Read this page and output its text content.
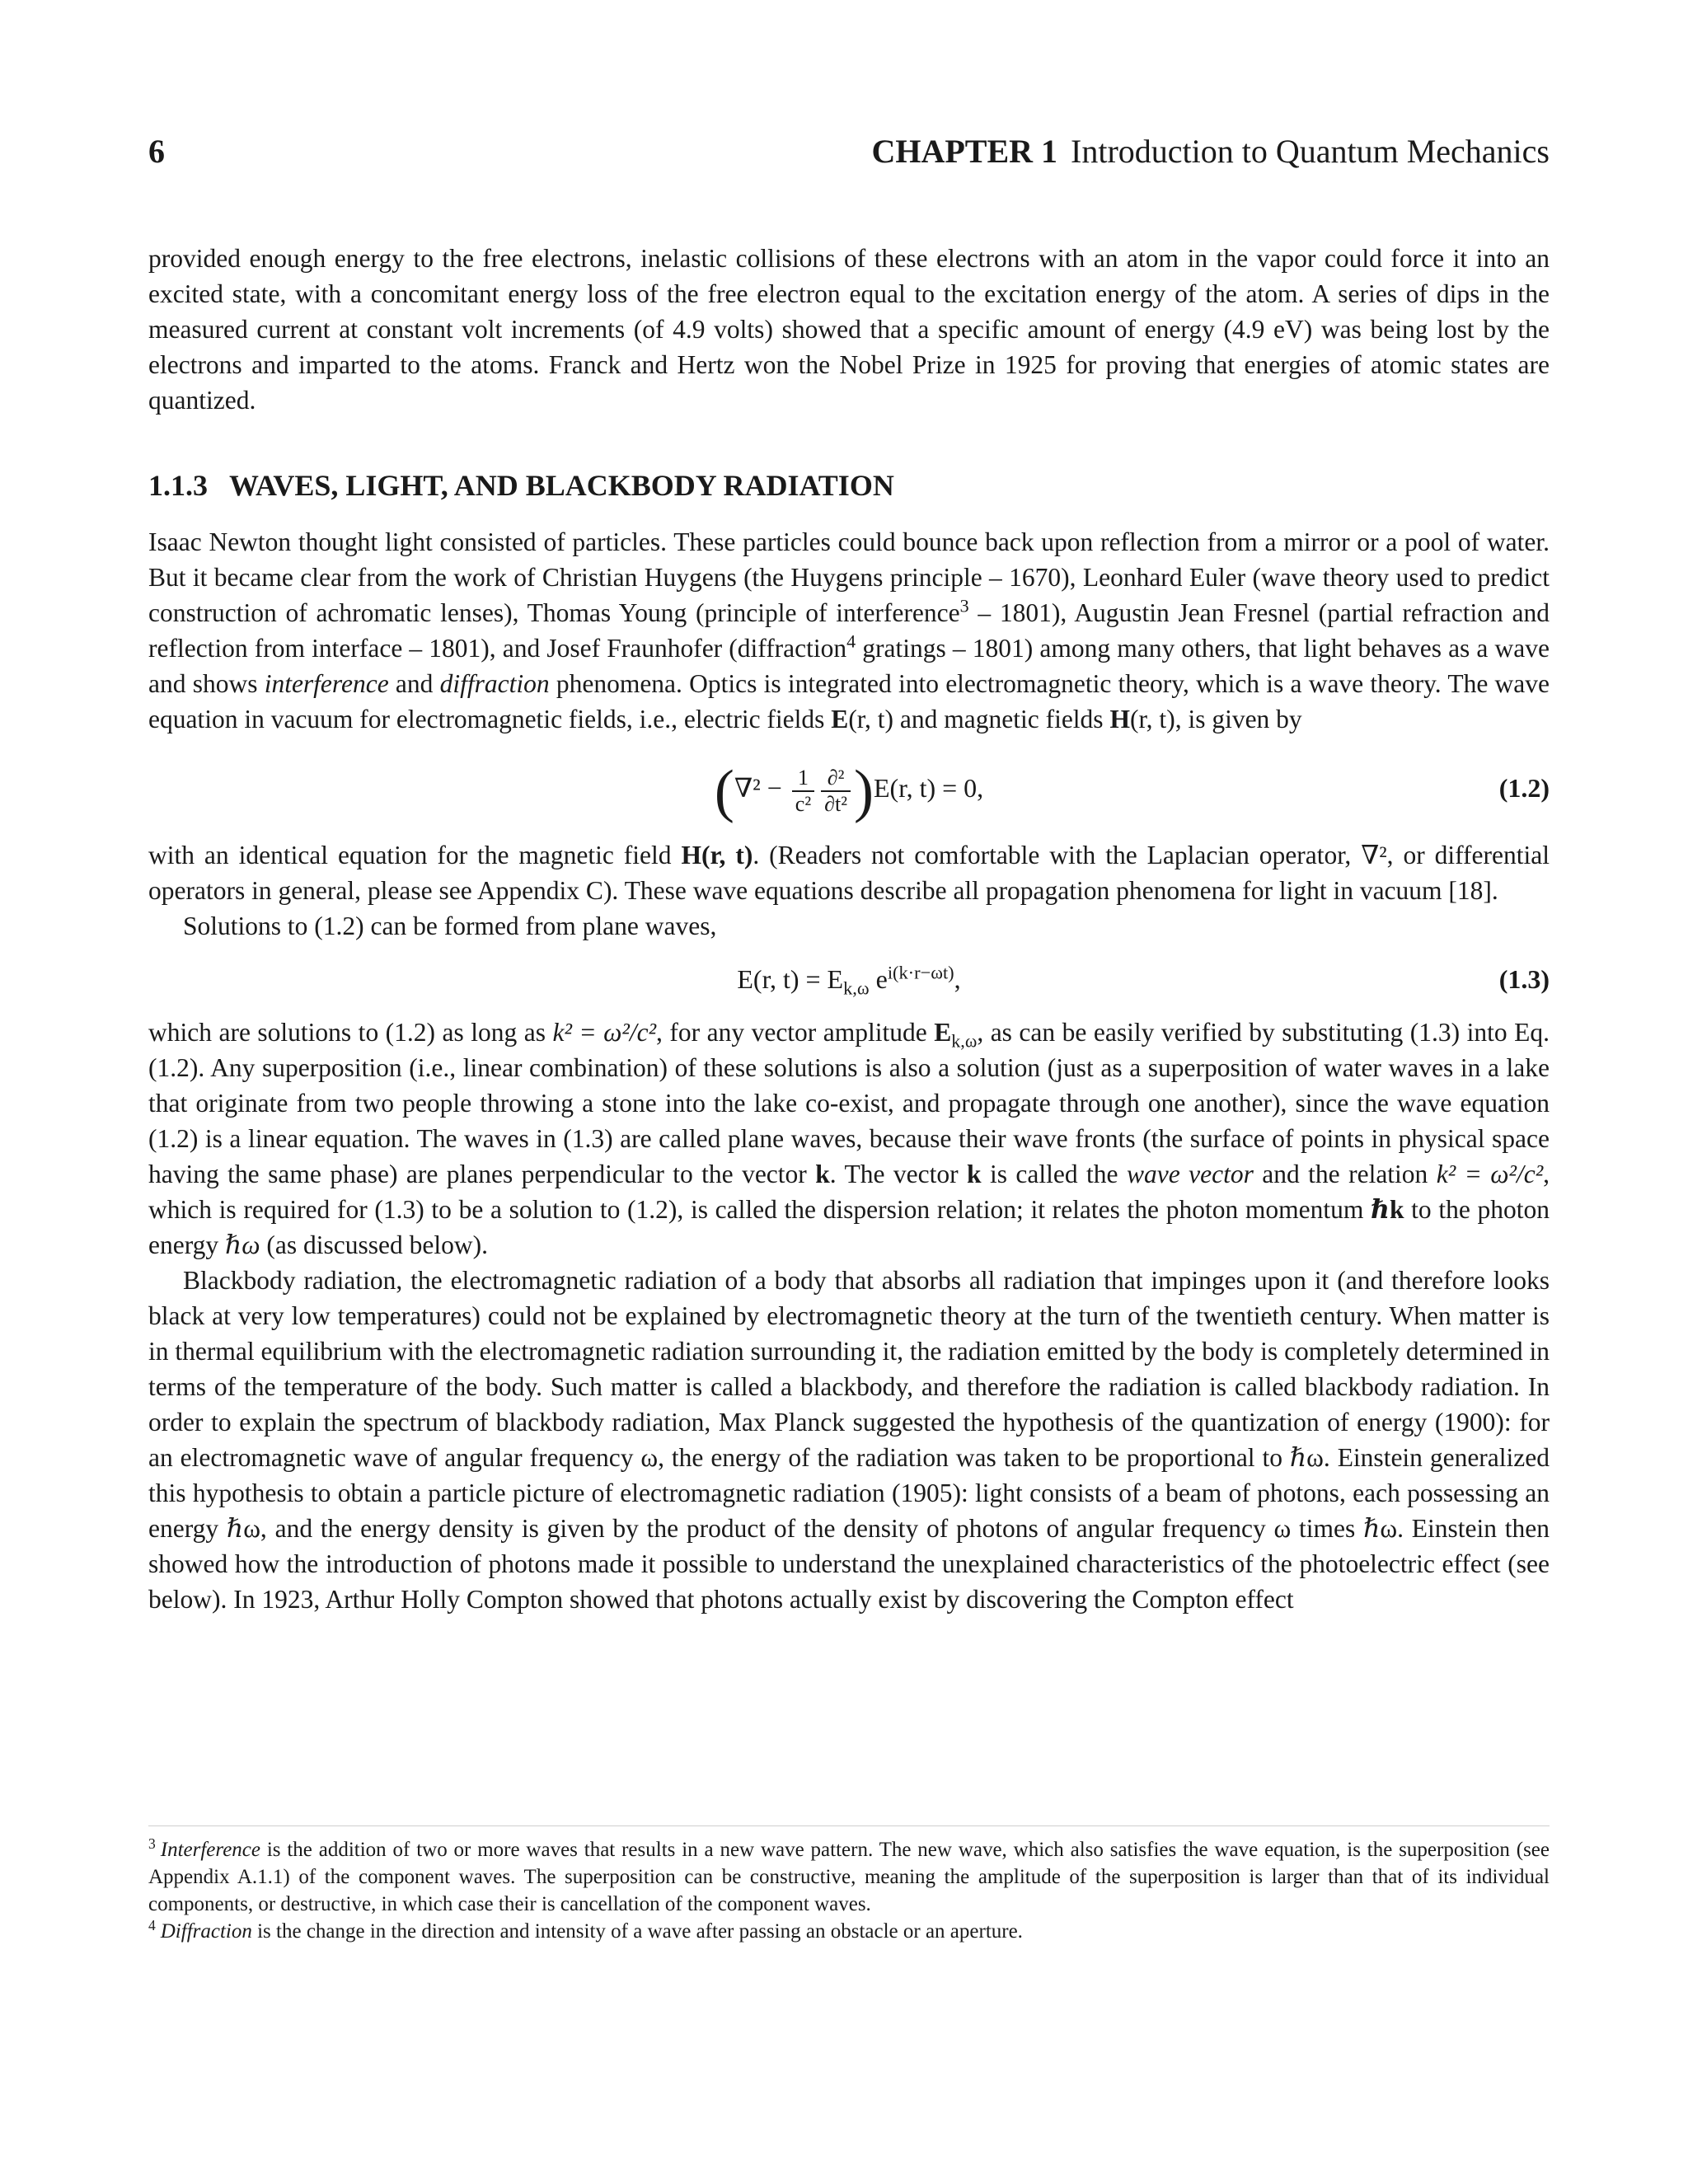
6	CHAPTER 1 Introduction to Quantum Mechanics

provided enough energy to the free electrons, inelastic collisions of these electrons with an atom in the vapor could force it into an excited state, with a concomitant energy loss of the free electron equal to the excitation energy of the atom. A series of dips in the measured current at constant volt increments (of 4.9 volts) showed that a specific amount of energy (4.9 eV) was being lost by the electrons and imparted to the atoms. Franck and Hertz won the Nobel Prize in 1925 for proving that energies of atomic states are quantized.

1.1.3 WAVES, LIGHT, AND BLACKBODY RADIATION

Isaac Newton thought light consisted of particles. These particles could bounce back upon reflection from a mirror or a pool of water. But it became clear from the work of Christian Huygens (the Huygens principle – 1670), Leonhard Euler (wave theory used to predict construction of achromatic lenses), Thomas Young (principle of interference$^3$ – 1801), Augustin Jean Fresnel (partial refraction and reflection from interface – 1801), and Josef Fraunhofer (diffraction$^4$ gratings – 1801) among many others, that light behaves as a wave and shows interference and diffraction phenomena. Optics is integrated into electromagnetic theory, which is a wave theory. The wave equation in vacuum for electromagnetic fields, i.e., electric fields E(r, t) and magnetic fields H(r, t), is given by

$(\nabla^2 - \frac{1}{\text{c²}} \frac{\text{∂²}}{\text{∂t²}} )E(r$, t) = 0,	(1.2)

with an identical equation for the magnetic field H(r, t). (Readers not comfortable with the Laplacian operator, ∇², or differential operators in general, please see Appendix C). These wave equations describe all propagation phenomena for light in vacuum [18].

Solutions to (1.2) can be formed from plane waves,

E(r, $t) = E_{k,\omega}$ $e^{i(k\cdot r-\omega t)}$,	(1.3)

which are solutions to (1.2) as long as k² = ω²/c², for any vector amplitude $E_{k,\omega}$, as can be easily verified by substituting (1.3) into Eq. (1.2). Any superposition (i.e., linear combination) of these solutions is also a solution (just as a superposition of water waves in a lake that originate from two people throwing a stone into the lake co-exist, and propagate through one another), since the wave equation (1.2) is a linear equation. The waves in (1.3) are called plane waves, because their wave fronts (the surface of points in physical space having the same phase) are planes perpendicular to the vector k. The vector k is called the wave vector and the relation k² = ω²/c², which is required for (1.3) to be a solution to (1.2), is called the dispersion relation; it relates the photon momentum ℏk to the photon energy ℏω (as discussed below).

Blackbody radiation, the electromagnetic radiation of a body that absorbs all radiation that impinges upon it (and therefore looks black at very low temperatures) could not be explained by electromagnetic theory at the turn of the twentieth century. When matter is in thermal equilibrium with the electromagnetic radiation surrounding it, the radiation emitted by the body is completely determined in terms of the temperature of the body. Such matter is called a blackbody, and therefore the radiation is called blackbody radiation. In order to explain the spectrum of blackbody radiation, Max Planck suggested the hypothesis of the quantization of energy (1900): for an electromagnetic wave of angular frequency ω, the energy of the radiation was taken to be proportional to ℏω. Einstein generalized this hypothesis to obtain a particle picture of electromagnetic radiation (1905): light consists of a beam of photons, each possessing an energy ℏω, and the energy density is given by the product of the density of photons of angular frequency ω times ℏω. Einstein then showed how the introduction of photons made it possible to understand the unexplained characteristics of the photoelectric effect (see below). In 1923, Arthur Holly Compton showed that photons actually exist by discovering the Compton effect

$^3$ Interference is the addition of two or more waves that results in a new wave pattern. The new wave, which also satisfies the wave equation, is the superposition (see Appendix A.1.1) of the component waves. The superposition can be constructive, meaning the amplitude of the superposition is larger than that of its individual components, or destructive, in which case their is cancellation of the component waves.

$^4$ Diffraction is the change in the direction and intensity of a wave after passing an obstacle or an aperture.
